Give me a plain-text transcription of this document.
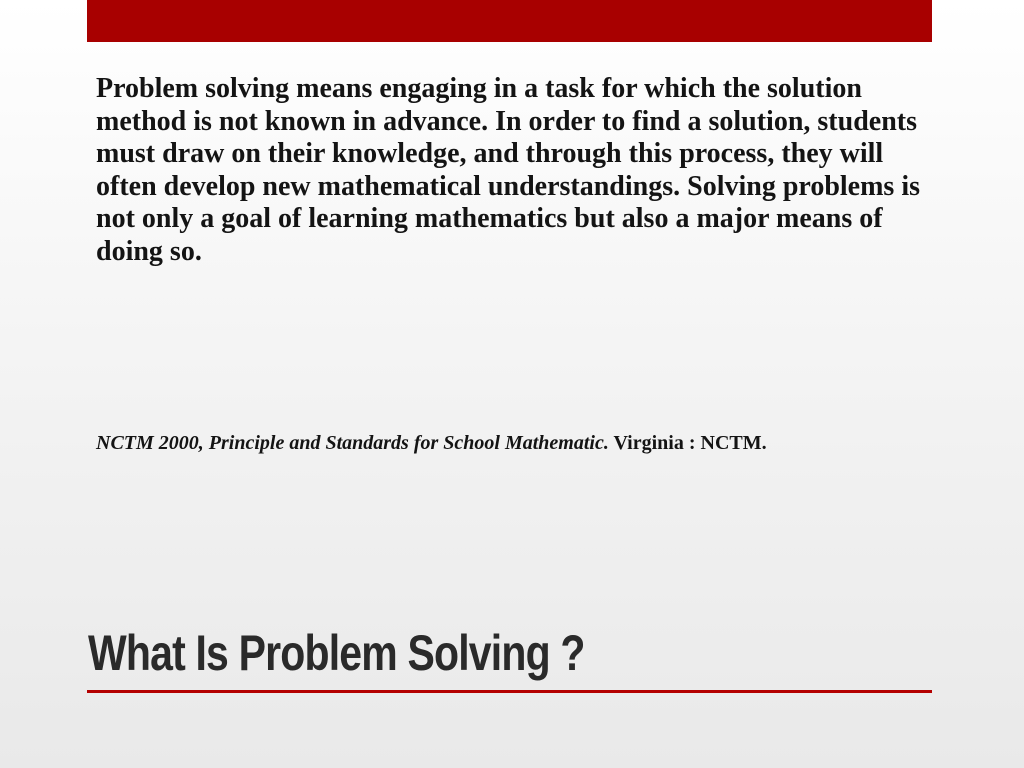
Problem solving means engaging in a task for which the solution method is not known in advance. In order to find a solution, students must draw on their knowledge, and through this process, they will often develop new mathematical understandings. Solving problems is not only a goal of learning mathematics but also a major means of doing so.

NCTM 2000, Principle and Standards for School Mathematic. Virginia : NCTM.

What Is Problem Solving ?
